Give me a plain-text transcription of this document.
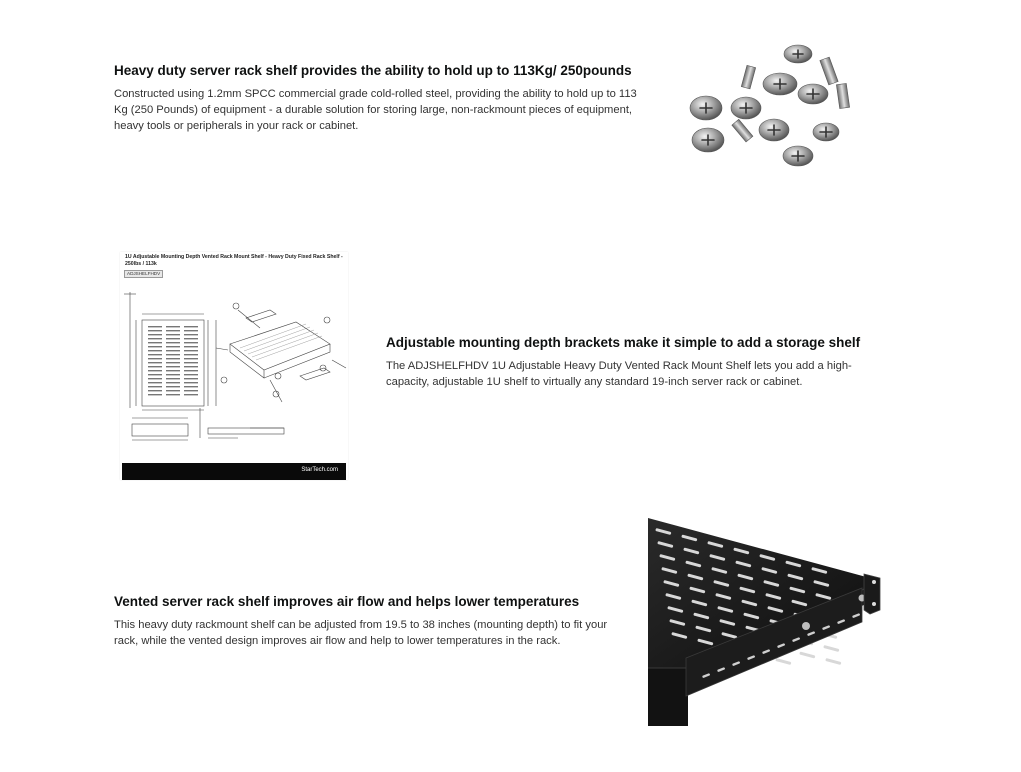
Heavy duty server rack shelf provides the ability to hold up to 113Kg/ 250pounds

Constructed using 1.2mm SPCC commercial grade cold-rolled steel, providing the ability to hold up to 113 Kg (250 Pounds) of equipment - a durable solution for storing large, non-rackmount pieces of equipment, heavy tools or peripherals in your rack or cabinet.

1U Adjustable Mounting Depth Vented Rack Mount Shelf - Heavy Duty Fixed Rack Shelf - 250lbs / 113k
ADJSHELFHDV
StarTech.com
Adjustable mounting depth brackets make it simple to add a storage shelf

The ADJSHELFHDV 1U Adjustable Heavy Duty Vented Rack Mount Shelf lets you add a high-capacity, adjustable 1U shelf to virtually any standard 19-inch server rack or cabinet.

Vented server rack shelf improves air flow and helps lower temperatures

This heavy duty rackmount shelf can be adjusted from 19.5 to 38 inches (mounting depth) to fit your rack, while the vented design improves air flow and help to lower temperatures in the rack.
